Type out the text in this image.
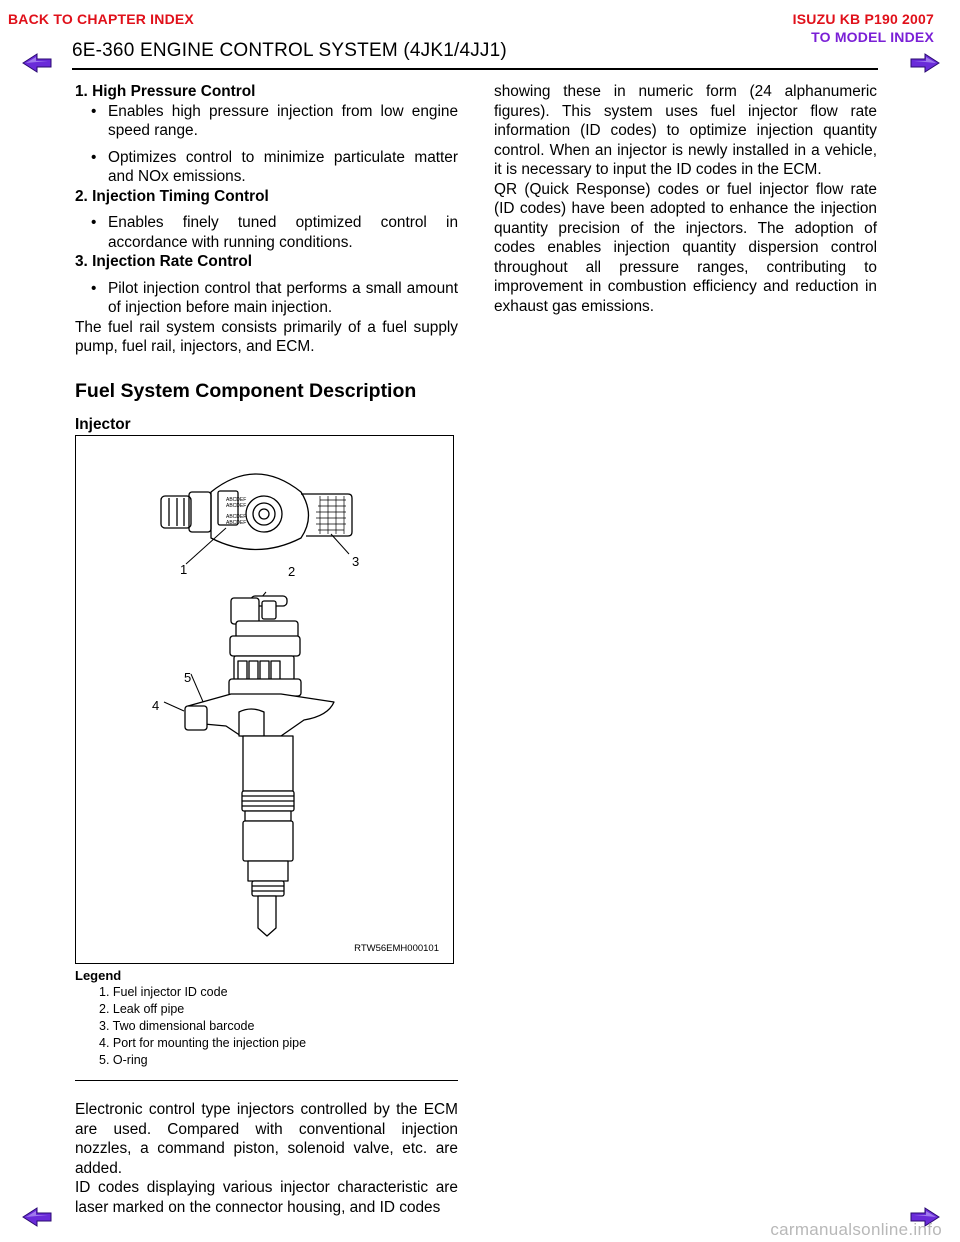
BACK TO CHAPTER INDEX	ISUZU KB P190 2007
TO MODEL INDEX
6E-360 ENGINE CONTROL SYSTEM (4JK1/4JJ1)
1. High Pressure Control
• Enables high pressure injection from low engine speed range.
• Optimizes control to minimize particulate matter and NOx emissions.
2. Injection Timing Control
• Enables finely tuned optimized control in accordance with running conditions.
3. Injection Rate Control
• Pilot injection control that performs a small amount of injection before main injection.

The fuel rail system consists primarily of a fuel supply pump, fuel rail, injectors, and ECM.

Fuel System Component Description
Injector
ABCDEF
ABCDEF
ABCDEF
ABCDEF
1	2
3
4
5
RTW56EMH000101
Legend
1. Fuel injector ID code
2. Leak off pipe
3. Two dimensional barcode
4. Port for mounting the injection pipe
5. O-ring

Electronic control type injectors controlled by the ECM are used. Compared with conventional injection nozzles, a command piston, solenoid valve, etc. are added.

ID codes displaying various injector characteristic are laser marked on the connector housing, and ID codes

showing these in numeric form (24 alphanumeric figures). This system uses fuel injector flow rate information (ID codes) to optimize injection quantity control. When an injector is newly installed in a vehicle, it is necessary to input the ID codes in the ECM.

QR (Quick Response) codes or fuel injector flow rate (ID codes) have been adopted to enhance the injection quantity precision of the injectors. The adoption of codes enables injection quantity dispersion control throughout all pressure ranges, contributing to improvement in combustion efficiency and reduction in exhaust gas emissions.

carmanualsonline.info
